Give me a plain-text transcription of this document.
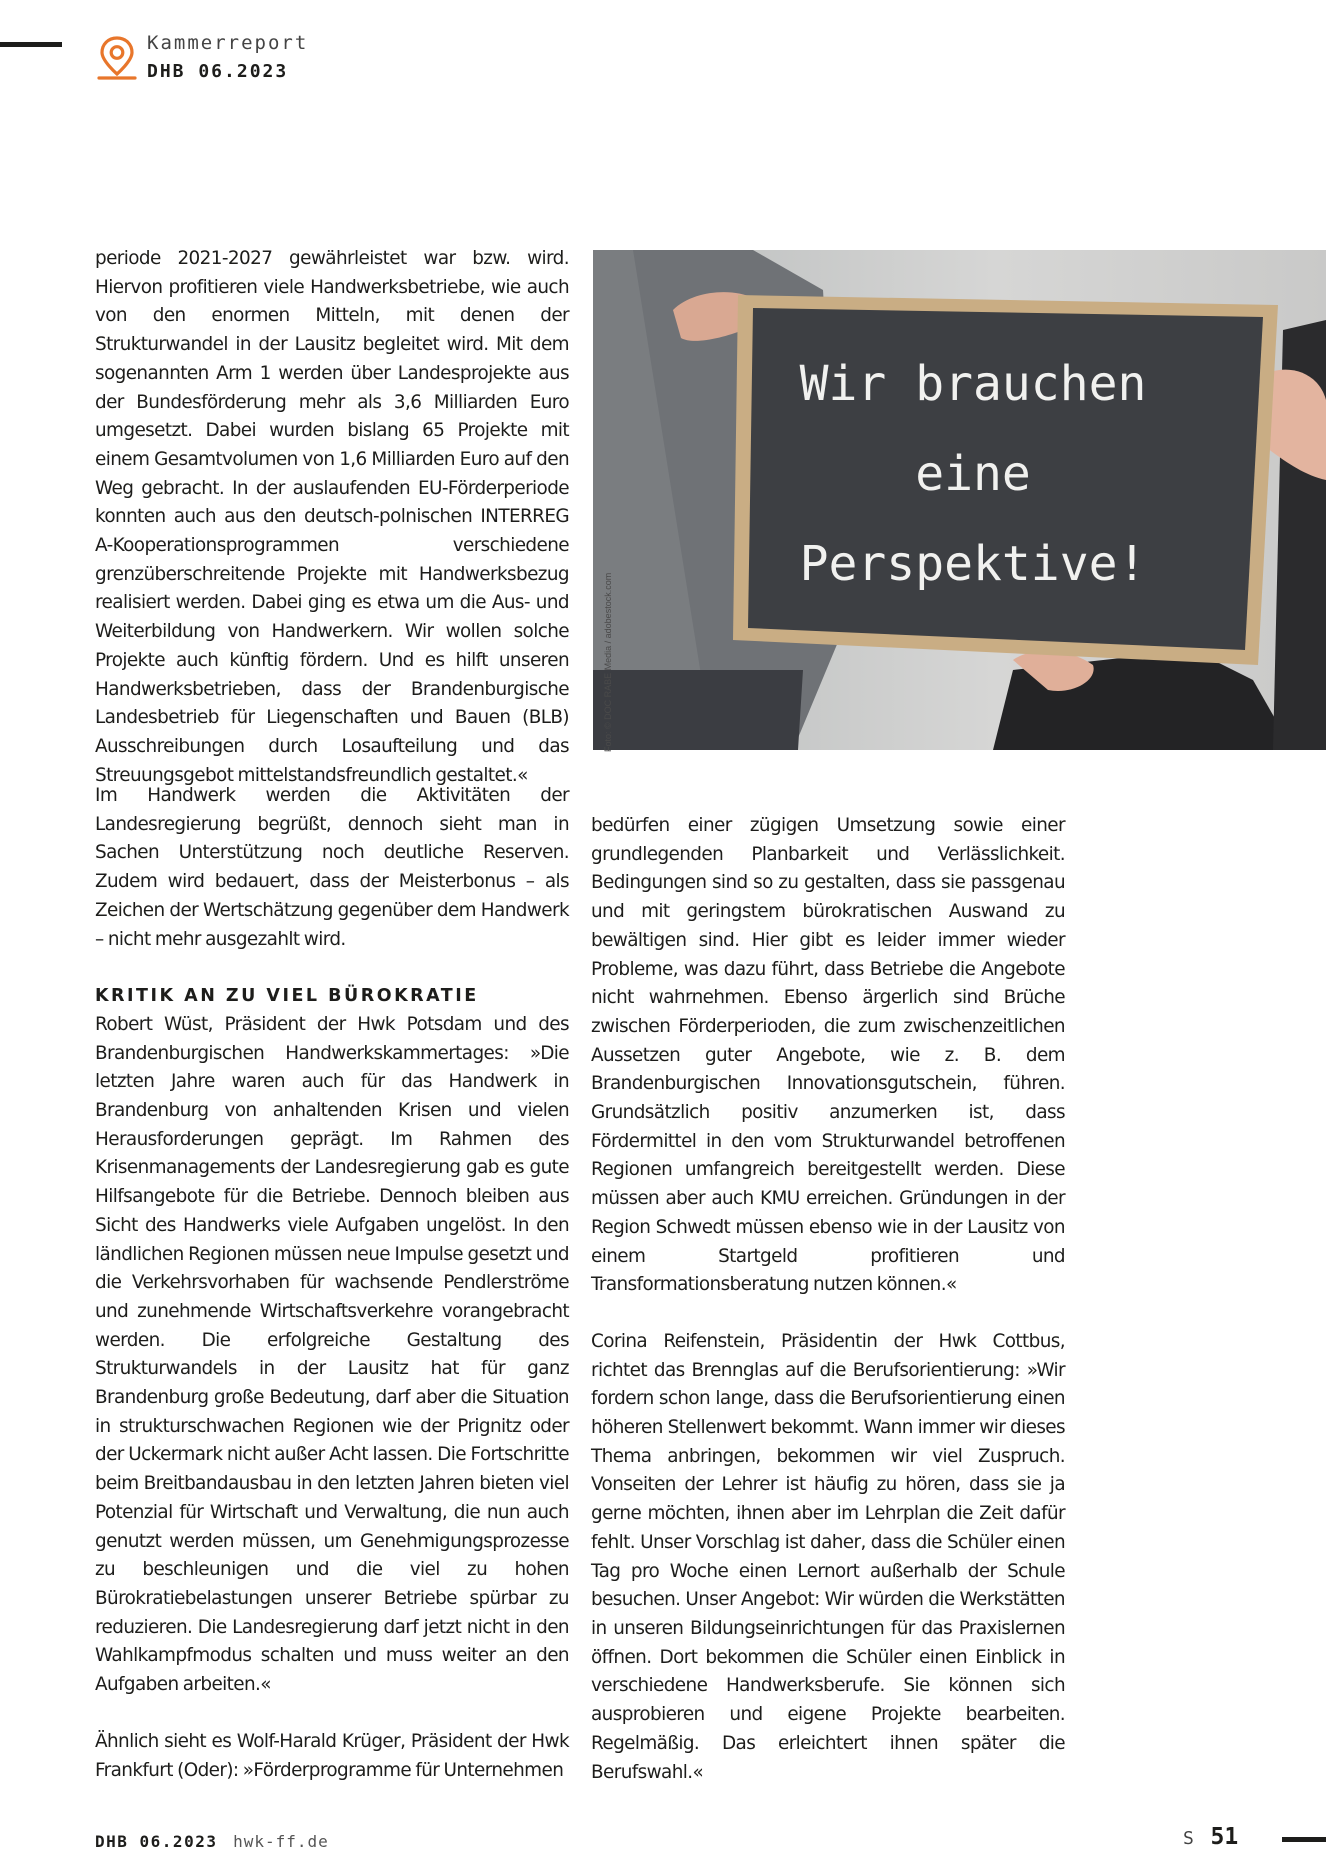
Kammerreport
DHB 06.2023

periode 2021-2027 gewährleistet war bzw. wird. Hiervon profitieren viele Handwerksbetriebe, wie auch von den enormen Mitteln, mit denen der Strukturwandel in der Lausitz begleitet wird. Mit dem sogenannten Arm 1 werden über Landesprojekte aus der Bundesförderung mehr als 3,6 Milliarden Euro umgesetzt. Dabei wurden bislang 65 Projekte mit einem Gesamtvolumen von 1,6 Milliarden Euro auf den Weg gebracht. In der auslaufenden EU-Förderperiode konnten auch aus den deutsch-polnischen INTERREG A-Kooperationsprogrammen verschiedene grenzüberschreitende Projekte mit Handwerksbezug realisiert werden. Dabei ging es etwa um die Aus- und Weiterbildung von Handwerkern. Wir wollen solche Projekte auch künftig fördern. Und es hilft unseren Handwerksbetrieben, dass der Brandenburgische Landesbetrieb für Liegenschaften und Bauen (BLB) Ausschreibungen durch Losaufteilung und das Streuungsgebot mittelstandsfreundlich gestaltet.«

Wir brauchen
eine
Perspektive!
Foto: © DOC RABE Media / adobestock.com

Im Handwerk werden die Aktivitäten der Landesregierung begrüßt, dennoch sieht man in Sachen Unterstützung noch deutliche Reserven. Zudem wird bedauert, dass der Meisterbonus – als Zeichen der Wertschätzung gegenüber dem Handwerk – nicht mehr ausgezahlt wird.

KRITIK AN ZU VIEL BÜROKRATIE

Robert Wüst, Präsident der Hwk Potsdam und des Brandenburgischen Handwerkskammertages: »Die letzten Jahre waren auch für das Handwerk in Brandenburg von anhaltenden Krisen und vielen Herausforderungen geprägt. Im Rahmen des Krisenmanagements der Landesregierung gab es gute Hilfsangebote für die Betriebe. Dennoch bleiben aus Sicht des Handwerks viele Aufgaben ungelöst. In den ländlichen Regionen müssen neue Impulse gesetzt und die Verkehrsvorhaben für wachsende Pendlerströme und zunehmende Wirtschaftsverkehre vorangebracht werden. Die erfolgreiche Gestaltung des Strukturwandels in der Lausitz hat für ganz Brandenburg große Bedeutung, darf aber die Situation in strukturschwachen Regionen wie der Prignitz oder der Uckermark nicht außer Acht lassen. Die Fortschritte beim Breitbandausbau in den letzten Jahren bieten viel Potenzial für Wirtschaft und Verwaltung, die nun auch genutzt werden müssen, um Genehmigungsprozesse zu beschleunigen und die viel zu hohen Bürokratiebelastungen unserer Betriebe spürbar zu reduzieren. Die Landesregierung darf jetzt nicht in den Wahlkampfmodus schalten und muss weiter an den Aufgaben arbeiten.«

Ähnlich sieht es Wolf-Harald Krüger, Präsident der Hwk Frankfurt (Oder): »Förderprogramme für Unternehmen

bedürfen einer zügigen Umsetzung sowie einer grundlegenden Planbarkeit und Verlässlichkeit. Bedingungen sind so zu gestalten, dass sie passgenau und mit geringstem bürokratischen Auswand zu bewältigen sind. Hier gibt es leider immer wieder Probleme, was dazu führt, dass Betriebe die Angebote nicht wahrnehmen. Ebenso ärgerlich sind Brüche zwischen Förderperioden, die zum zwischenzeitlichen Aussetzen guter Angebote, wie z. B. dem Brandenburgischen Innovationsgutschein, führen. Grundsätzlich positiv anzumerken ist, dass Fördermittel in den vom Strukturwandel betroffenen Regionen umfangreich bereitgestellt werden. Diese müssen aber auch KMU erreichen. Gründungen in der Region Schwedt müssen ebenso wie in der Lausitz von einem Startgeld profitieren und Transformationsberatung nutzen können.«

Corina Reifenstein, Präsidentin der Hwk Cottbus, richtet das Brennglas auf die Berufsorientierung: »Wir fordern schon lange, dass die Berufsorientierung einen höheren Stellenwert bekommt. Wann immer wir dieses Thema anbringen, bekommen wir viel Zuspruch. Vonseiten der Lehrer ist häufig zu hören, dass sie ja gerne möchten, ihnen aber im Lehrplan die Zeit dafür fehlt. Unser Vorschlag ist daher, dass die Schüler einen Tag pro Woche einen Lernort außerhalb der Schule besuchen. Unser Angebot: Wir würden die Werkstätten in unseren Bildungseinrichtungen für das Praxislernen öffnen. Dort bekommen die Schüler einen Einblick in verschiedene Handwerksberufe. Sie können sich ausprobieren und eigene Projekte bearbeiten. Regelmäßig. Das erleichtert ihnen später die Berufswahl.«

DHB 06.2023 hwk-ff.de	S 51
